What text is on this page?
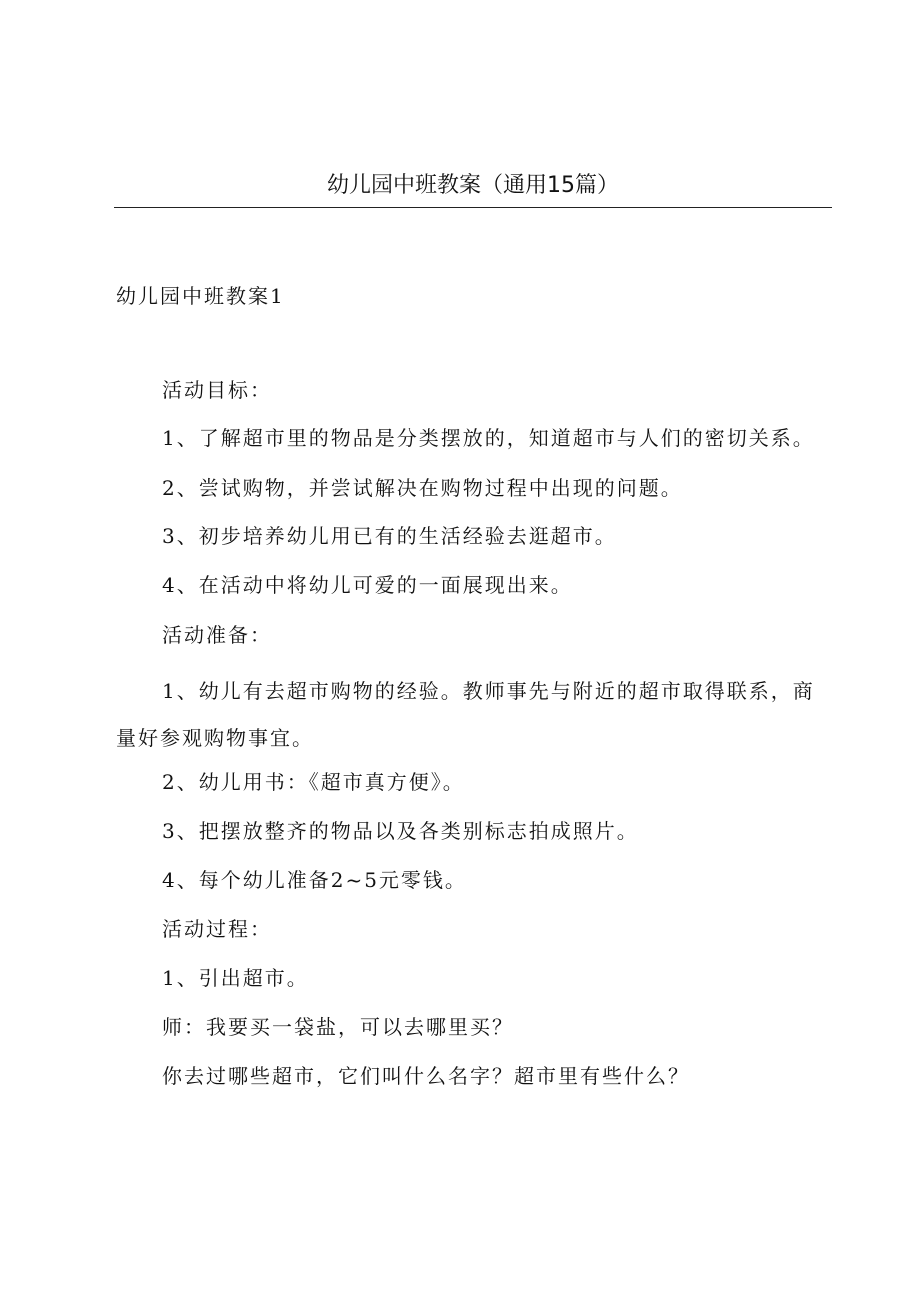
幼儿园中班教案（通用15篇）
幼儿园中班教案1

活动目标：

1、了解超市里的物品是分类摆放的，知道超市与人们的密切关系。

2、尝试购物，并尝试解决在购物过程中出现的问题。

3、初步培养幼儿用已有的生活经验去逛超市。

4、在活动中将幼儿可爱的一面展现出来。

活动准备：

1、幼儿有去超市购物的经验。教师事先与附近的超市取得联系，商量好参观购物事宜。

2、幼儿用书：《超市真方便》。

3、把摆放整齐的物品以及各类别标志拍成照片。

4、每个幼儿准备2~5元零钱。

活动过程：

1、引出超市。

师：我要买一袋盐，可以去哪里买？

你去过哪些超市，它们叫什么名字？超市里有些什么？
